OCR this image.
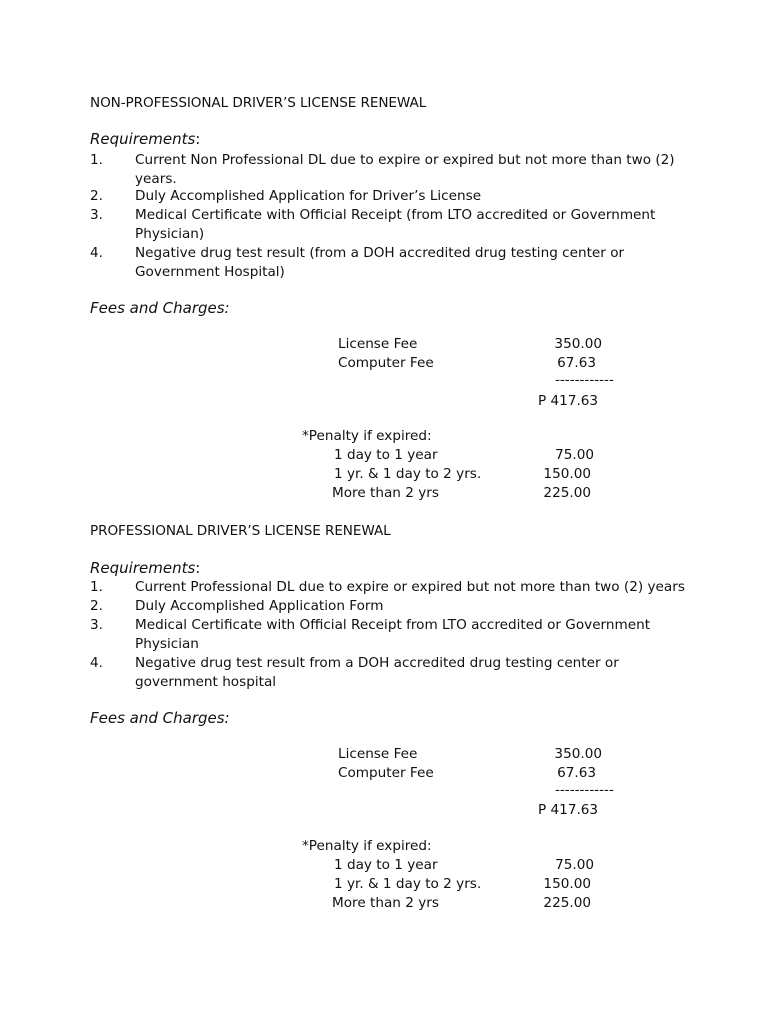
NON-PROFESSIONAL DRIVER’S LICENSE RENEWAL
Requirements:
1. Current Non Professional DL due to expire or expired but not more than two (2) years.
2. Duly Accomplished Application for Driver’s License
3. Medical Certificate with Official Receipt (from LTO accredited or Government Physician)
4. Negative drug test result (from a DOH accredited drug testing center or Government Hospital)
Fees and Charges:
License Fee	350.00
Computer Fee	67.63
------------
P 417.63
*Penalty if expired:
1 day to 1 year	75.00
1 yr. & 1 day to 2 yrs.	150.00
More than 2 yrs	225.00
PROFESSIONAL DRIVER’S LICENSE RENEWAL
Requirements:
1. Current Professional DL due to expire or expired but not more than two (2) years
2. Duly Accomplished Application Form
3. Medical Certificate with Official Receipt from LTO accredited or Government Physician
4. Negative drug test result from a DOH accredited drug testing center or government hospital
Fees and Charges:
License Fee	350.00
Computer Fee	67.63
------------
P 417.63
*Penalty if expired:
1 day to 1 year	75.00
1 yr. & 1 day to 2 yrs.	150.00
More than 2 yrs	225.00
